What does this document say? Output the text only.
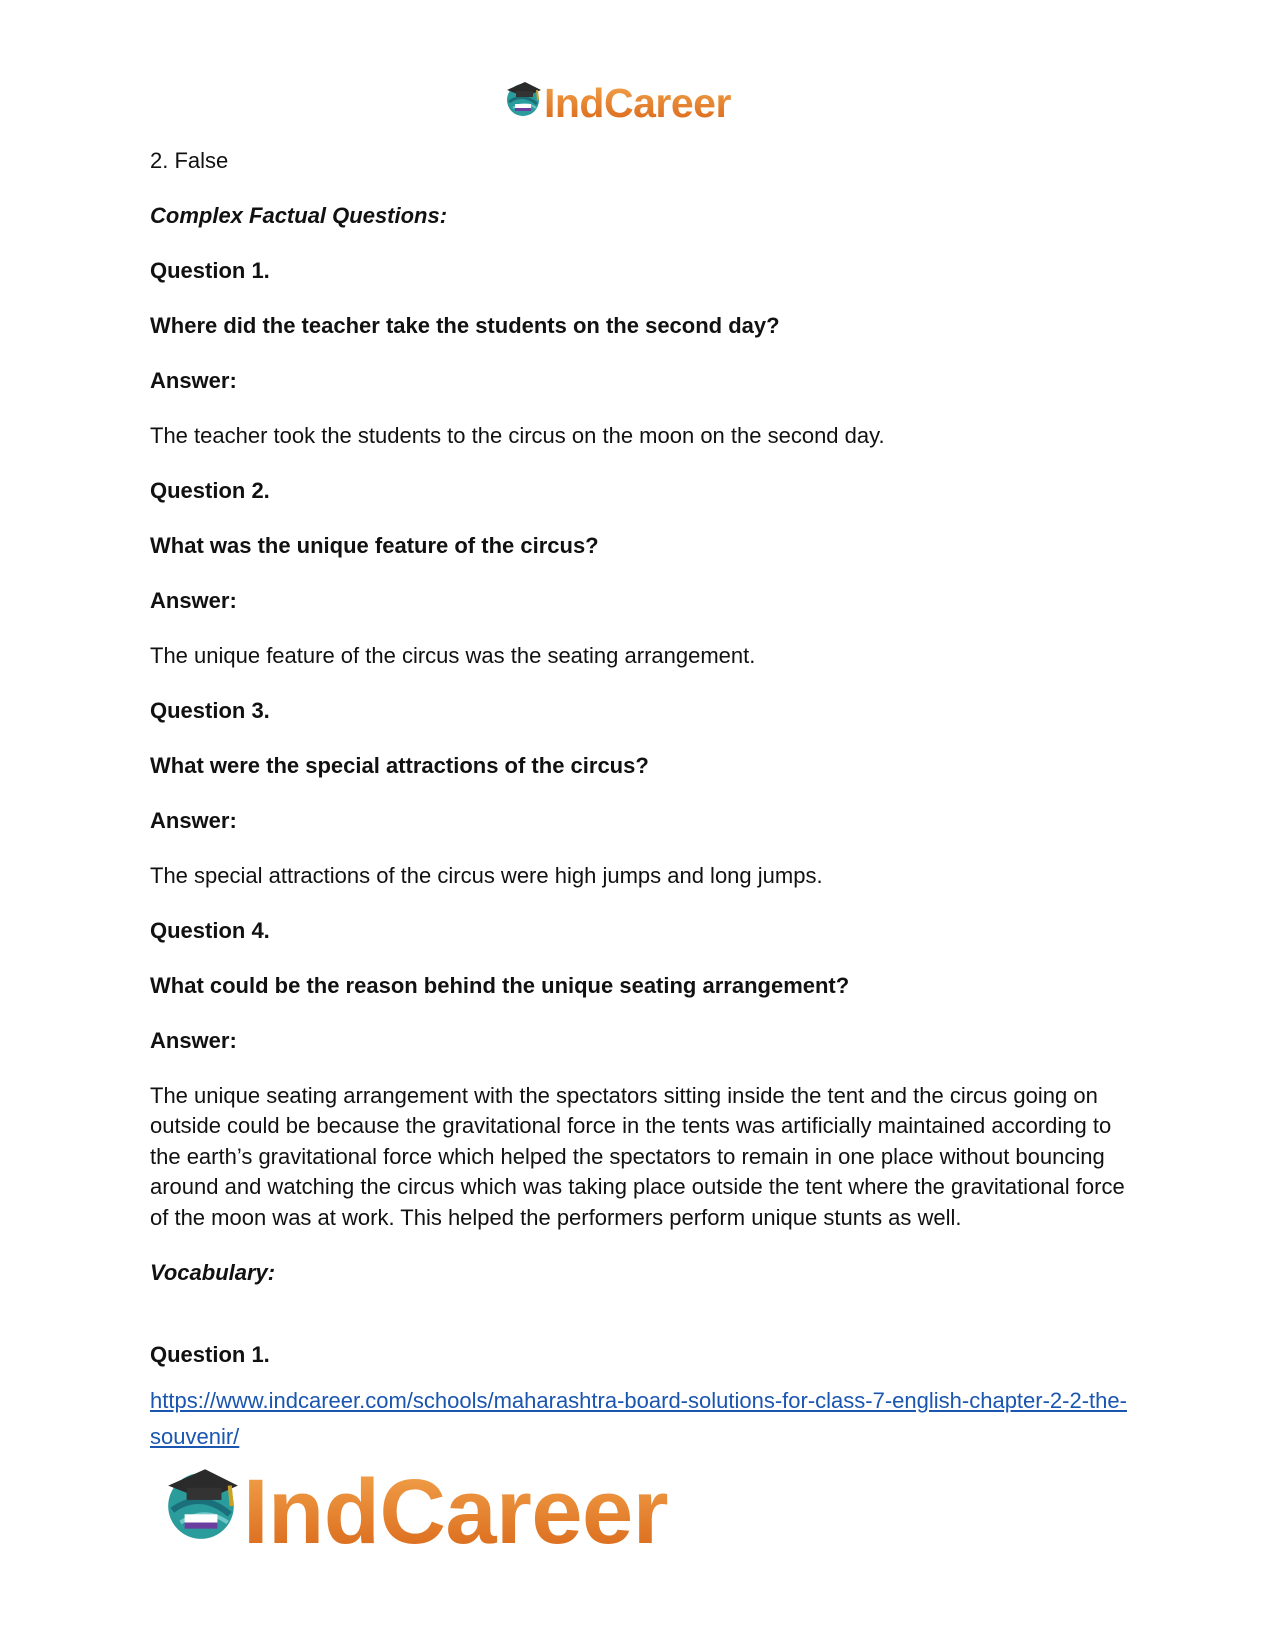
IndCareer

2. False

Complex Factual Questions:

Question 1.

Where did the teacher take the students on the second day?

Answer:

The teacher took the students to the circus on the moon on the second day.

Question 2.

What was the unique feature of the circus?

Answer:

The unique feature of the circus was the seating arrangement.

Question 3.

What were the special attractions of the circus?

Answer:

The special attractions of the circus were high jumps and long jumps.

Question 4.

What could be the reason behind the unique seating arrangement?

Answer:

The unique seating arrangement with the spectators sitting inside the tent and the circus going on outside could be because the gravitational force in the tents was artificially maintained according to the earth’s gravitational force which helped the spectators to remain in one place without bouncing around and watching the circus which was taking place outside the tent where the gravitational force of the moon was at work. This helped the performers perform unique stunts as well.

Vocabulary:

Question 1.
https://www.indcareer.com/schools/maharashtra-board-solutions-for-class-7-english-chapter-2-2-the-souvenir/
IndCareer
